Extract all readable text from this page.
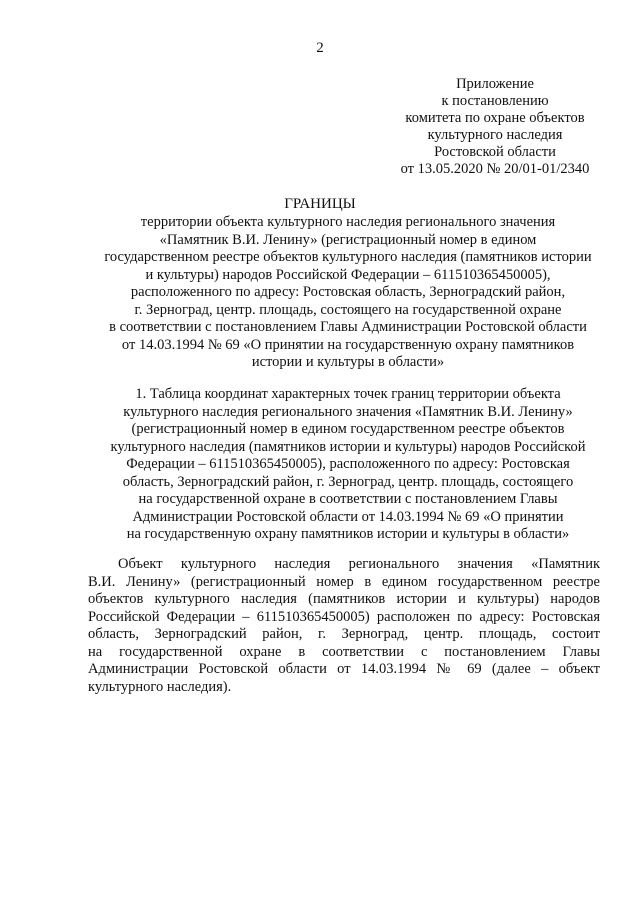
2
Приложение
к постановлению
комитета по охране объектов
культурного наследия
Ростовской области
от 13.05.2020 № 20/01-01/2340
ГРАНИЦЫ
территории объекта культурного наследия регионального значения
«Памятник В.И. Ленину» (регистрационный номер в едином
государственном реестре объектов культурного наследия (памятников истории
и культуры) народов Российской Федерации – 611510365450005),
расположенного по адресу: Ростовская область, Зерноградский район,
г. Зерноград, центр. площадь, состоящего на государственной охране
в соответствии с постановлением Главы Администрации Ростовской области
от 14.03.1994 № 69 «О принятии на государственную охрану памятников
истории и культуры в области»
1. Таблица координат характерных точек границ территории объекта
культурного наследия регионального значения «Памятник В.И. Ленину»
(регистрационный номер в едином государственном реестре объектов
культурного наследия (памятников истории и культуры) народов Российской
Федерации – 611510365450005), расположенного по адресу: Ростовская
область, Зерноградский район, г. Зерноград, центр. площадь, состоящего
на государственной охране в соответствии с постановлением Главы
Администрации Ростовской области от 14.03.1994 № 69 «О принятии
на государственную охрану памятников истории и культуры в области»
Объект культурного наследия регионального значения «Памятник
В.И. Ленину» (регистрационный номер в едином государственном реестре
объектов культурного наследия (памятников истории и культуры) народов
Российской Федерации – 611510365450005) расположен по адресу: Ростовская
область, Зерноградский район, г. Зерноград, центр. площадь, состоит
на государственной охране в соответствии с постановлением Главы
Администрации Ростовской области от 14.03.1994 № 69 (далее – объект
культурного наследия).
